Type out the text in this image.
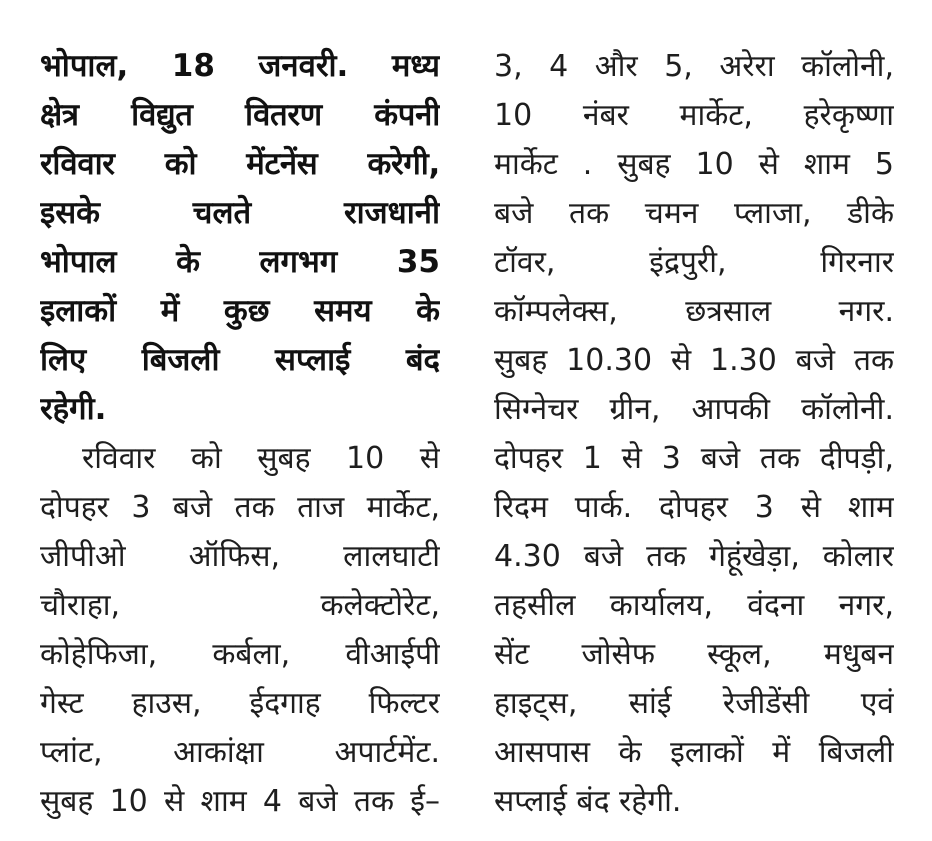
भोपाल, 18 जनवरी. मध्य
क्षेत्र विद्युत वितरण कंपनी
रविवार को मेंटनेंस करेगी,
इसके चलते राजधानी
भोपाल के लगभग 35
इलाकों में कुछ समय के
लिए बिजली सप्लाई बंद
रहेगी.
रविवार को सुबह 10 से
दोपहर 3 बजे तक ताज मार्केट,
जीपीओ ऑफिस, लालघाटी
चौराहा, कलेक्टोरेट,
कोहेफिजा, कर्बला, वीआईपी
गेस्ट हाउस, ईदगाह फिल्टर
प्लांट, आकांक्षा अपार्टमेंट.
सुबह 10 से शाम 4 बजे तक ई–
3, 4 और 5, अरेरा कॉलोनी,
10 नंबर मार्केट, हरेकृष्णा
मार्केट . सुबह 10 से शाम 5
बजे तक चमन प्लाजा, डीके
टॉवर, इंद्रपुरी, गिरनार
कॉम्पलेक्स, छत्रसाल नगर.
सुबह 10.30 से 1.30 बजे तक
सिग्नेचर ग्रीन, आपकी कॉलोनी.
दोपहर 1 से 3 बजे तक दीपड़ी,
रिदम पार्क. दोपहर 3 से शाम
4.30 बजे तक गेहूंखेड़ा, कोलार
तहसील कार्यालय, वंदना नगर,
सेंट जोसेफ स्कूल, मधुबन
हाइट्स, सांई रेजीडेंसी एवं
आसपास के इलाकों में बिजली
सप्लाई बंद रहेगी.
